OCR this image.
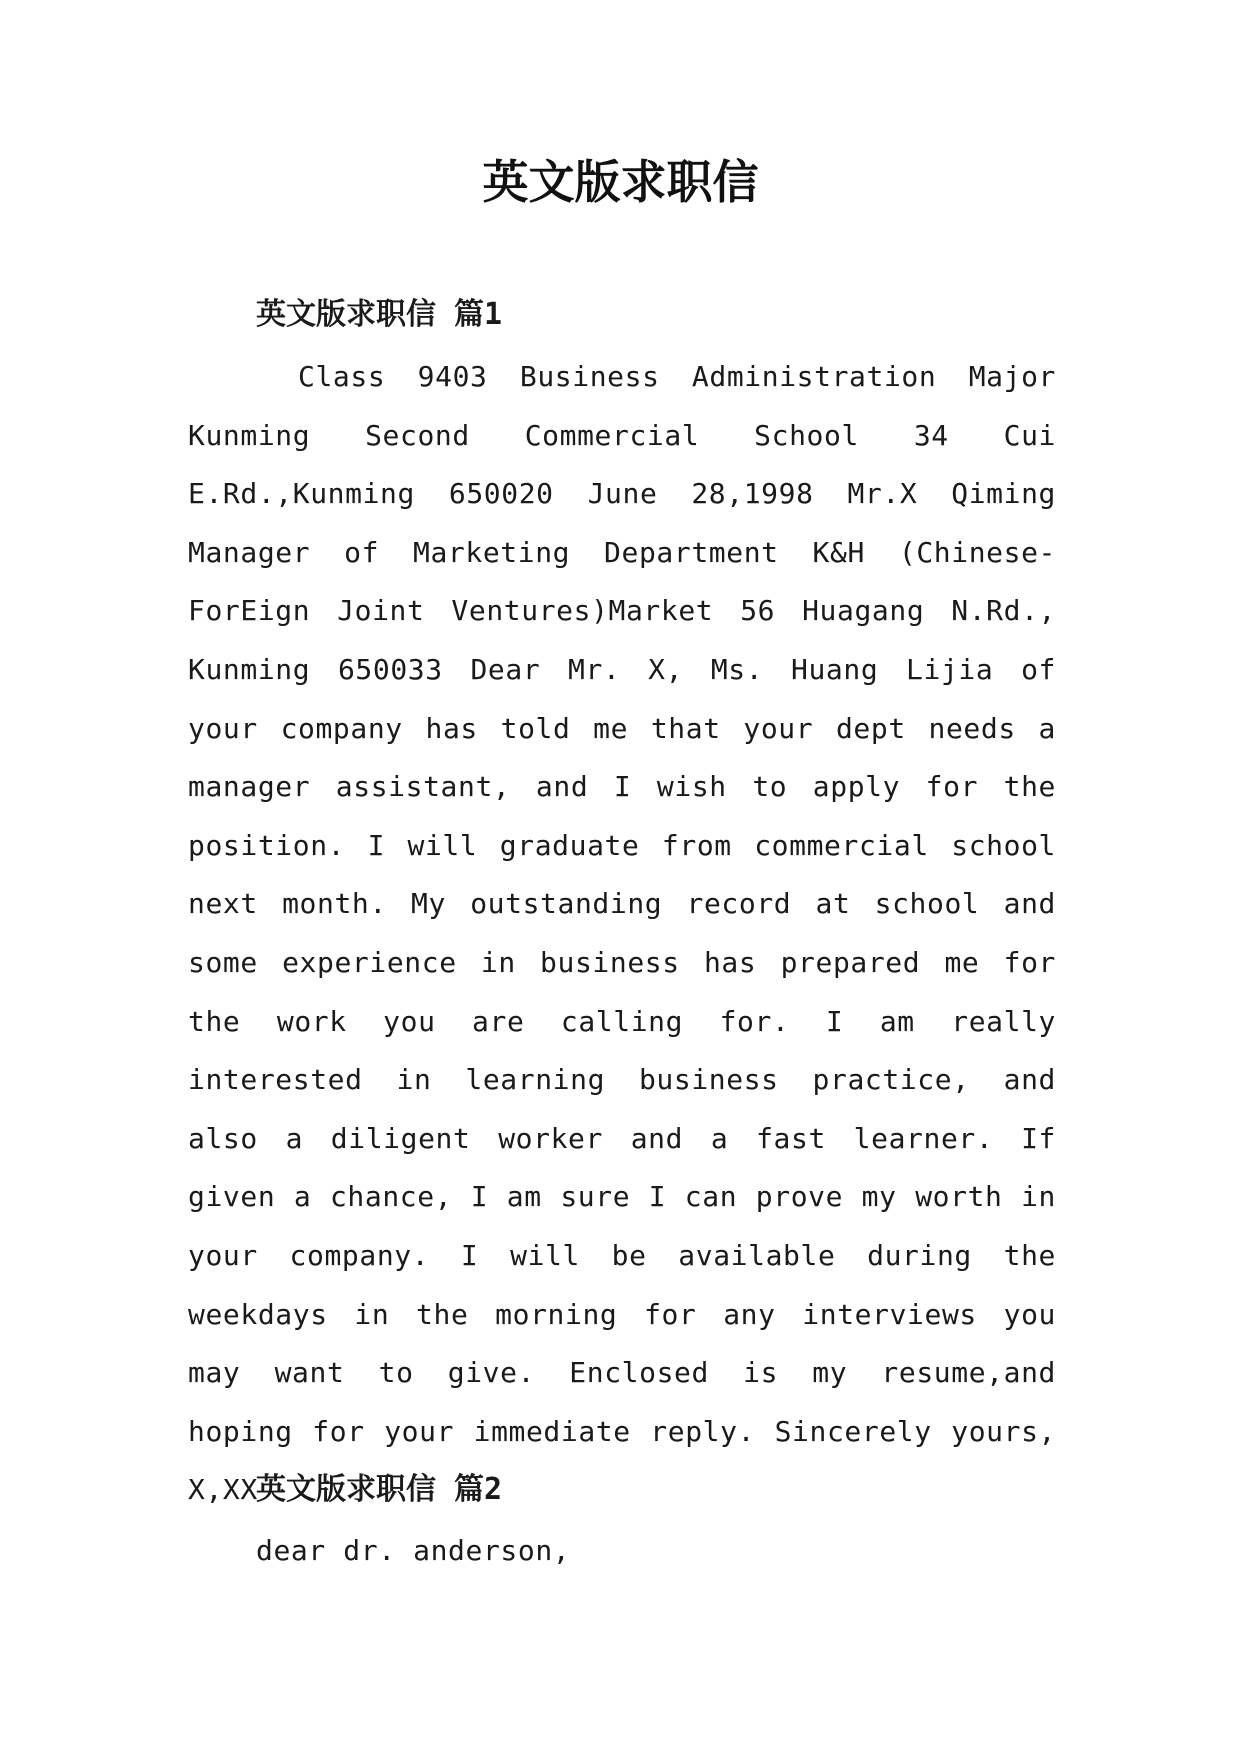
英文版求职信
英文版求职信 篇1

Class 9403 Business Administration Major Kunming Second Commercial School 34 Cui E.Rd.,Kunming 650020 June 28,1998 Mr.X Qiming Manager of Marketing Department K&H (Chinese-ForEign Joint Ventures)Market 56 Huagang N.Rd., Kunming 650033 Dear Mr. X, Ms. Huang Lijia of your company has told me that your dept needs a manager assistant, and I wish to apply for the position. I will graduate from commercial school next month. My outstanding record at school and some experience in business has prepared me for the work you are calling for. I am really interested in learning business practice, and also a diligent worker and a fast learner. If given a chance, I am sure I can prove my worth in your company. I will be available during the weekdays in the morning for any interviews you may want to give. Enclosed is my resume,and hoping for your immediate reply. Sincerely yours, X,XX

英文版求职信 篇2

dear dr. anderson,
